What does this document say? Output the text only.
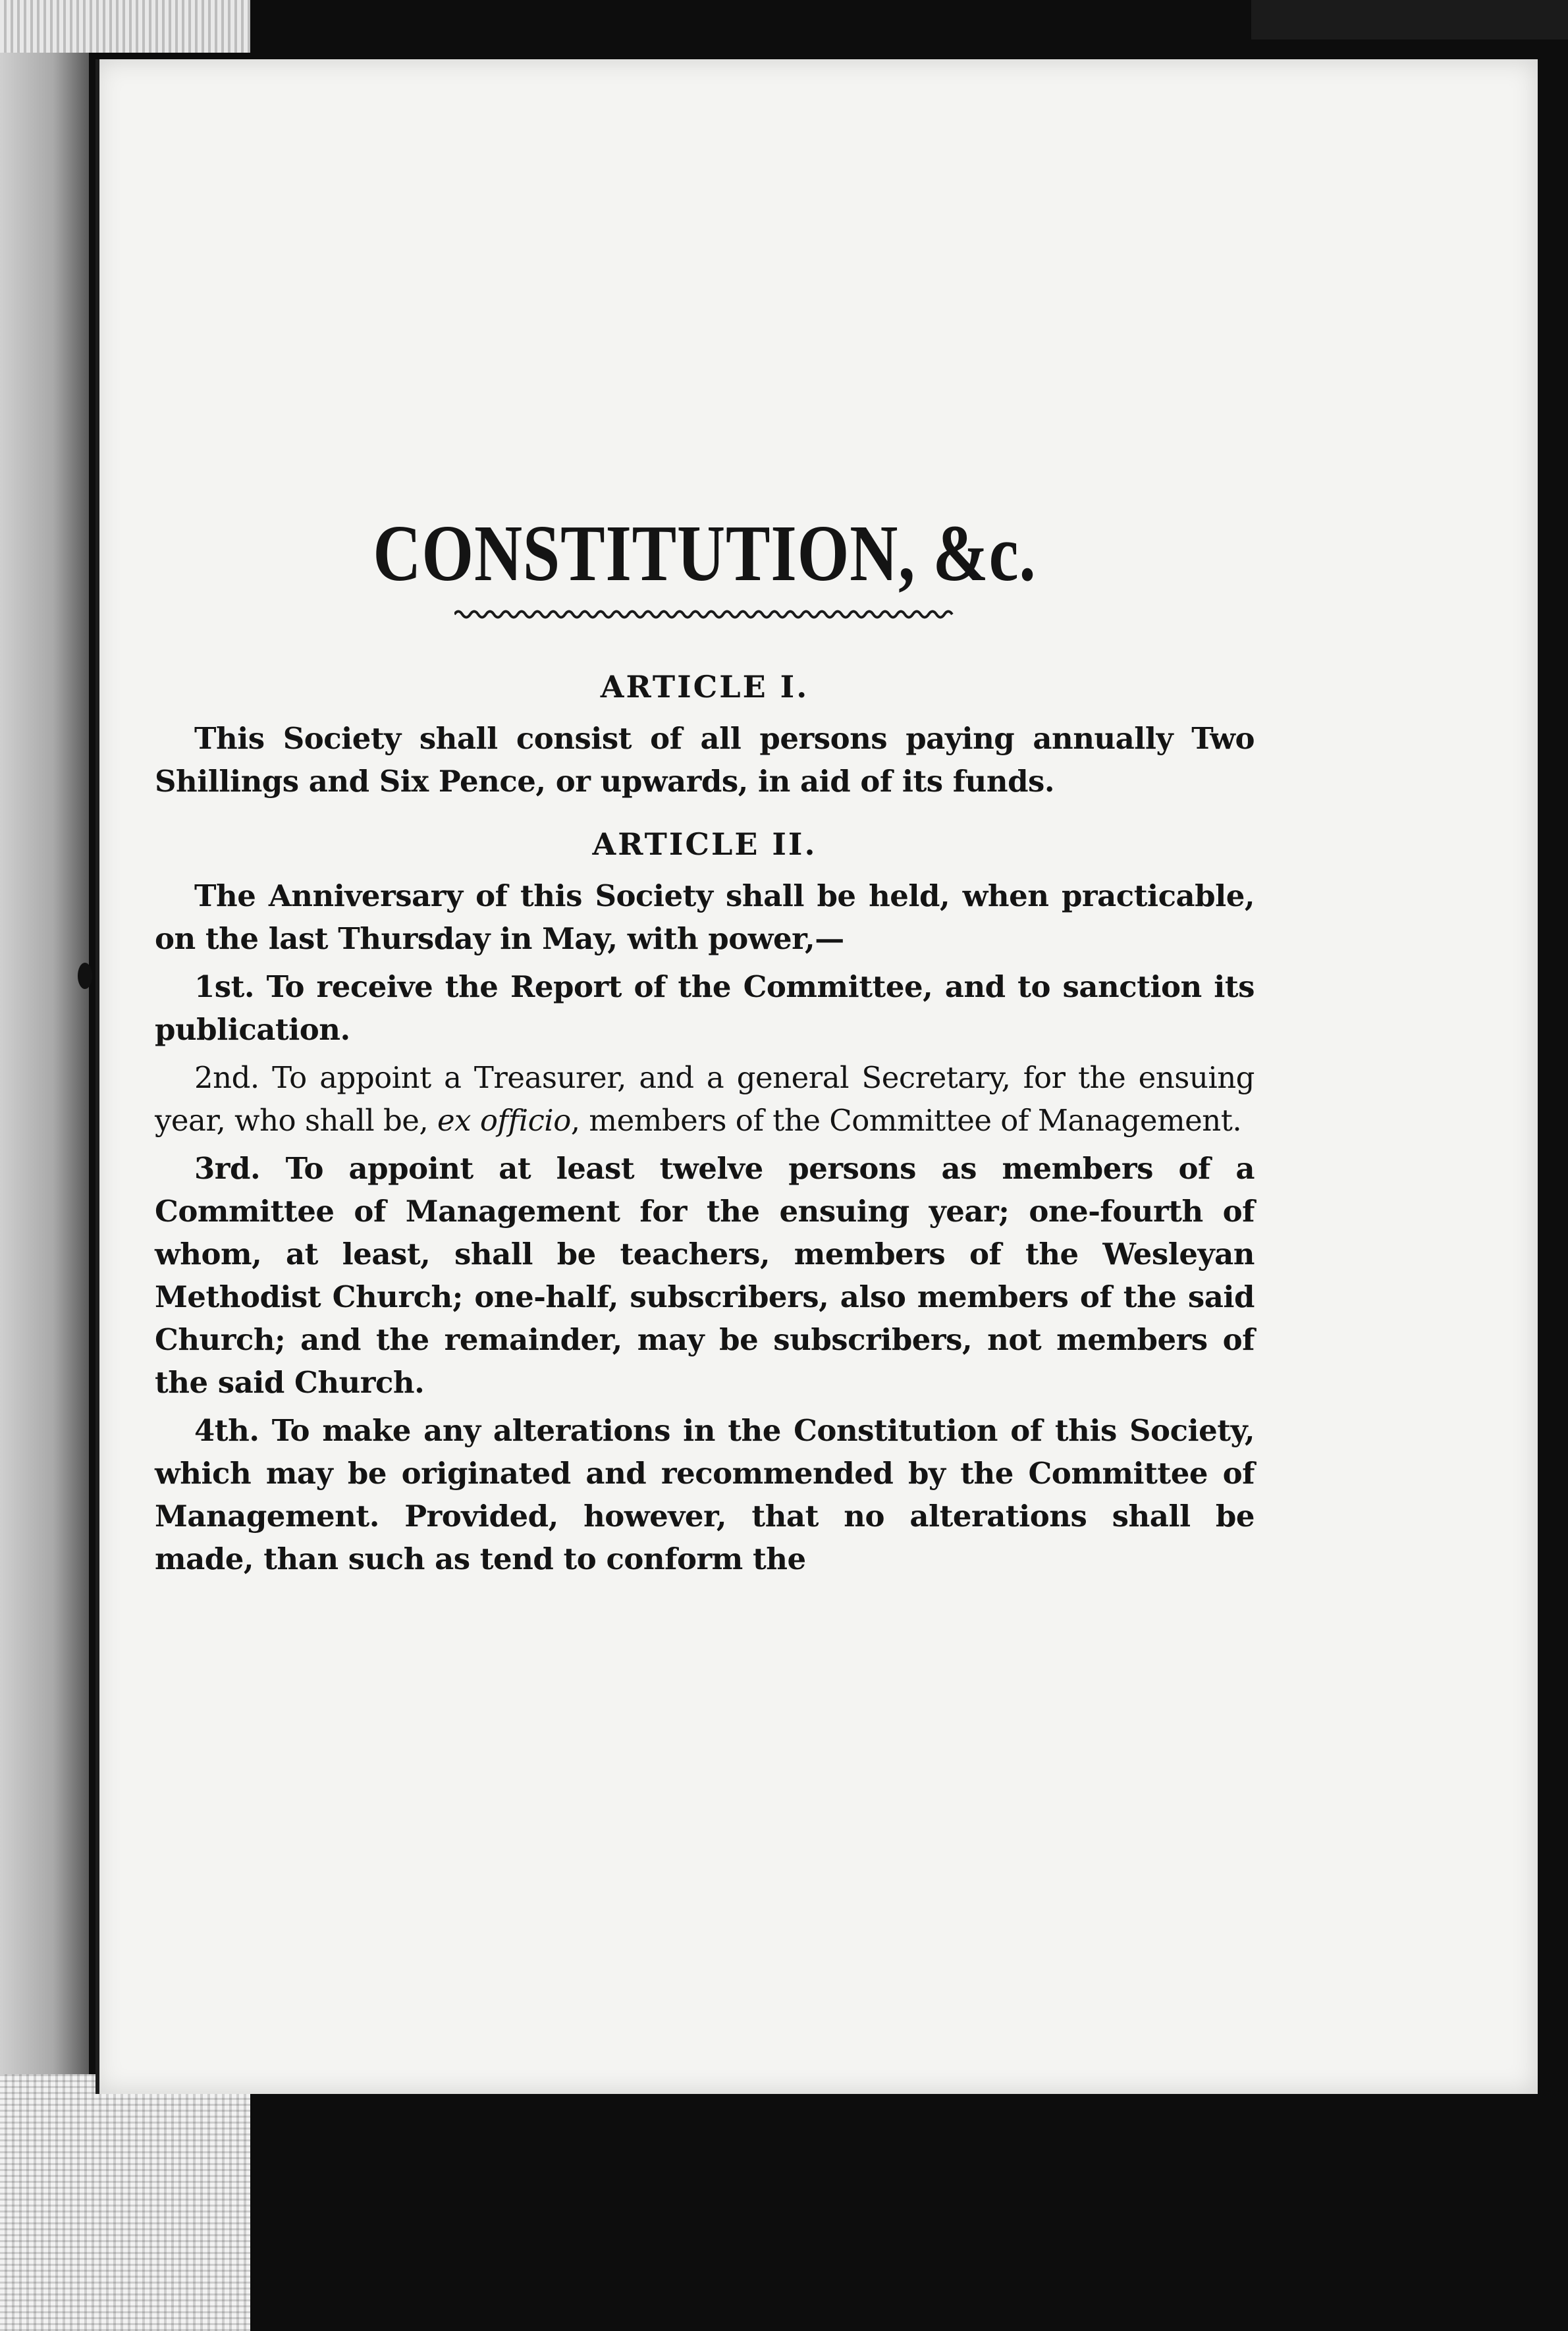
CONSTITUTION, &c.
ARTICLE I.

This Society shall consist of all persons paying annually Two Shillings and Six Pence, or upwards, in aid of its funds.

ARTICLE II.

The Anniversary of this Society shall be held, when practicable, on the last Thursday in May, with power,—

1st. To receive the Report of the Committee, and to sanction its publication.

2nd. To appoint a Treasurer, and a general Secretary, for the ensuing year, who shall be, ex officio, members of the Committee of Management.

3rd. To appoint at least twelve persons as members of a Committee of Management for the ensuing year; one-fourth of whom, at least, shall be teachers, members of the Wesleyan Methodist Church; one-half, subscribers, also members of the said Church; and the remainder, may be subscribers, not members of the said Church.

4th. To make any alterations in the Constitution of this Society, which may be originated and recommended by the Committee of Management. Provided, however, that no alterations shall be made, than such as tend to conform the
